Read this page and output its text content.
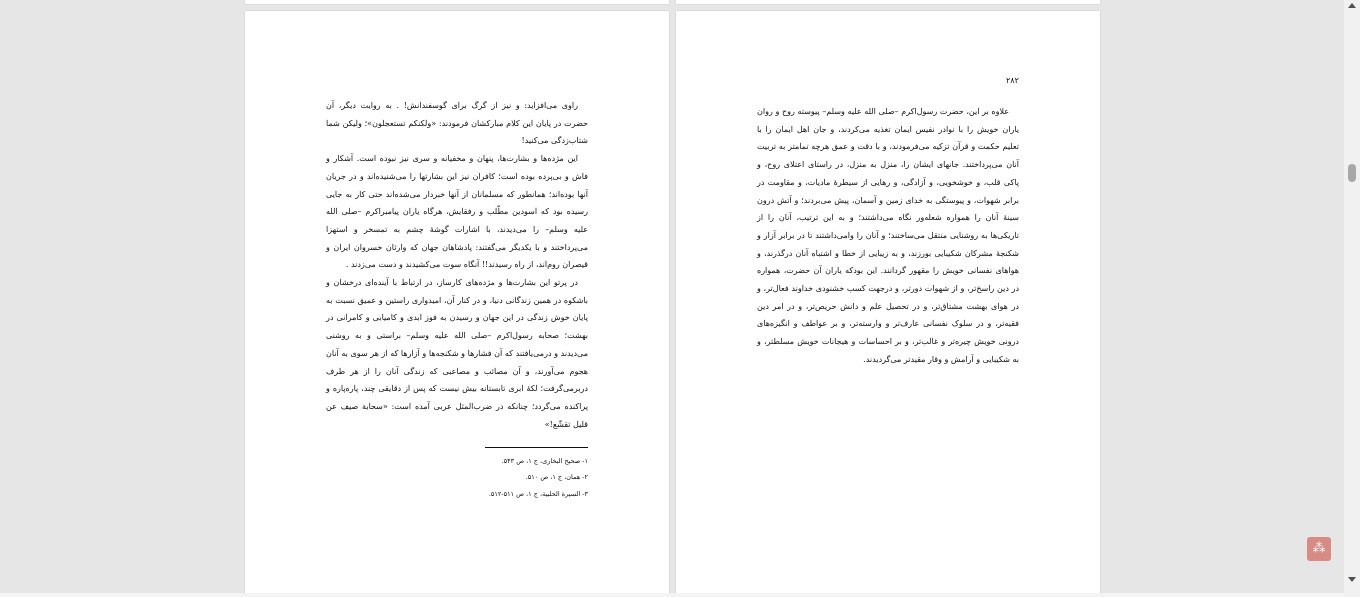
راوی می‌افزاید: و نیز از گرگ برای گوسفندانش! . به روایت دیگر، آن حضرت در پایان این کلام مبارکشان فرمودند: «ولکنکم تستعجلون»؛ ولیکن شما شتاب‌زدگی می‌کنید!

این مژده‌ها و بشارت‌ها، پنهان و مخفیانه و سری نیز نبوده است. آشکار و فاش و بی‌پرده بوده است؛ کافران نیز این بشارتها را می‌شنیده‌اند و در جریان آنها بوده‌اند؛ همانطور که مسلمانان از آنها خبردار می‌شده‌اند حتی کار به جایی رسیده بود که اسودین مطّلب و رفقایش، هرگاه یاران پیامبراکرم –صلی الله علیه وسلم– را می‌دیدند، با اشارات گوشهٔ چشم به تمسخر و استهزا می‌پرداختند و با یکدیگر می‌گفتند: پادشاهان جهان که وارثان خسروان ایران و قیصران روم‌اند، از راه رسیدند!! آنگاه سوت می‌کشیدند و دست می‌زدند .

در پرتو این بشارت‌ها و مژده‌های کارساز، در ارتباط با آینده‌ای درخشان و باشکوه در همین زندگانی دنیا، و در کنار آن، امیدواری راستین و عمیق نسبت به پایان خوش زندگی در این جهان و رسیدن به فوز ابدی و کامیابی و کامرانی در بهشت؛ صحابه رسول‌اکرم –صلی الله علیه وسلم– براستی و به روشنی می‌دیدند و درمی‌یافتند که آن فشارها و شکنجه‌ها و آزارها که از هر سوی به آنان هجوم می‌آورند، و آن مصائب و مصاعبی که زندگی آنان را از هر طرف دربرمی‌گرفت؛ لکهٔ ابری تابستانه بیش نیست که پس از دقایقی چند، پاره‌پاره و پراکنده می‌گردد؛ چنانکه در ضرب‌المثل عربی آمده است: «سحابة صیف عن قلیل تقشّع!»

۱- صحیح البخاری، ج ۱، ص ۵۴۳.
۲- همان، ج ۱، ص ۵۱۰.
۳- السیرة الحلبیة، ج ۱، ص ۵۱۱-۵۱۲.
۲۸۲

علاوه بر این، حضرت رسول‌اکرم –صلی الله علیه وسلم– پیوسته روح و روان یاران خویش را با نوادر نفیس ایمان تغذیه می‌کردند، و جان اهل ایمان را با تعلیم حکمت و قرآن تزکیه می‌فرمودند، و با دقت و عمق هرچه تمامتر به تربیت آنان می‌پرداختند. جانهای ایشان را، منزل به منزل، در راستای اعتلای روح، و پاکی قلب، و خوشخویی، و آزادگی، و رهایی از سیطرهٔ مادیات، و مقاومت در برابر شهوات، و پیوستگی به خدای زمین و آسمان، پیش می‌بردند؛ و آتش درون سینهٔ آنان را همواره شعله‌ور نگاه می‌داشتند؛ و به این ترتیب، آنان را از تاریکی‌ها به روشنایی منتقل می‌ساختند؛ و آنان را وامی‌داشتند تا در برابر آزار و شکنجهٔ مشرکان شکیبایی بورزند، و به زیبایی از خطا و اشتباه آنان درگذرند، و هواهای نفسانی خویش را مقهور گردانند. این بودکه یاران آن حضرت، همواره در دین راسخ‌تر، و از شهوات دورتر، و درجهت کسب خشنودی خداوند فعال‌تر، و در هوای بهشت مشتاق‌تر، و در تحصیل علم و دانش حریص‌تر، و در امر دین فقیه‌تر، و در سلوک نفسانی عارف‌تر و وارسته‌تر، و بر عواطف و انگیزه‌های درونی خویش چیره‌تر و غالب‌تر، و بر احساسات و هیجانات خویش مسلطتر، و به شکیبایی و آرامش و وقار مقیدتر می‌گردیدند.

⁂
